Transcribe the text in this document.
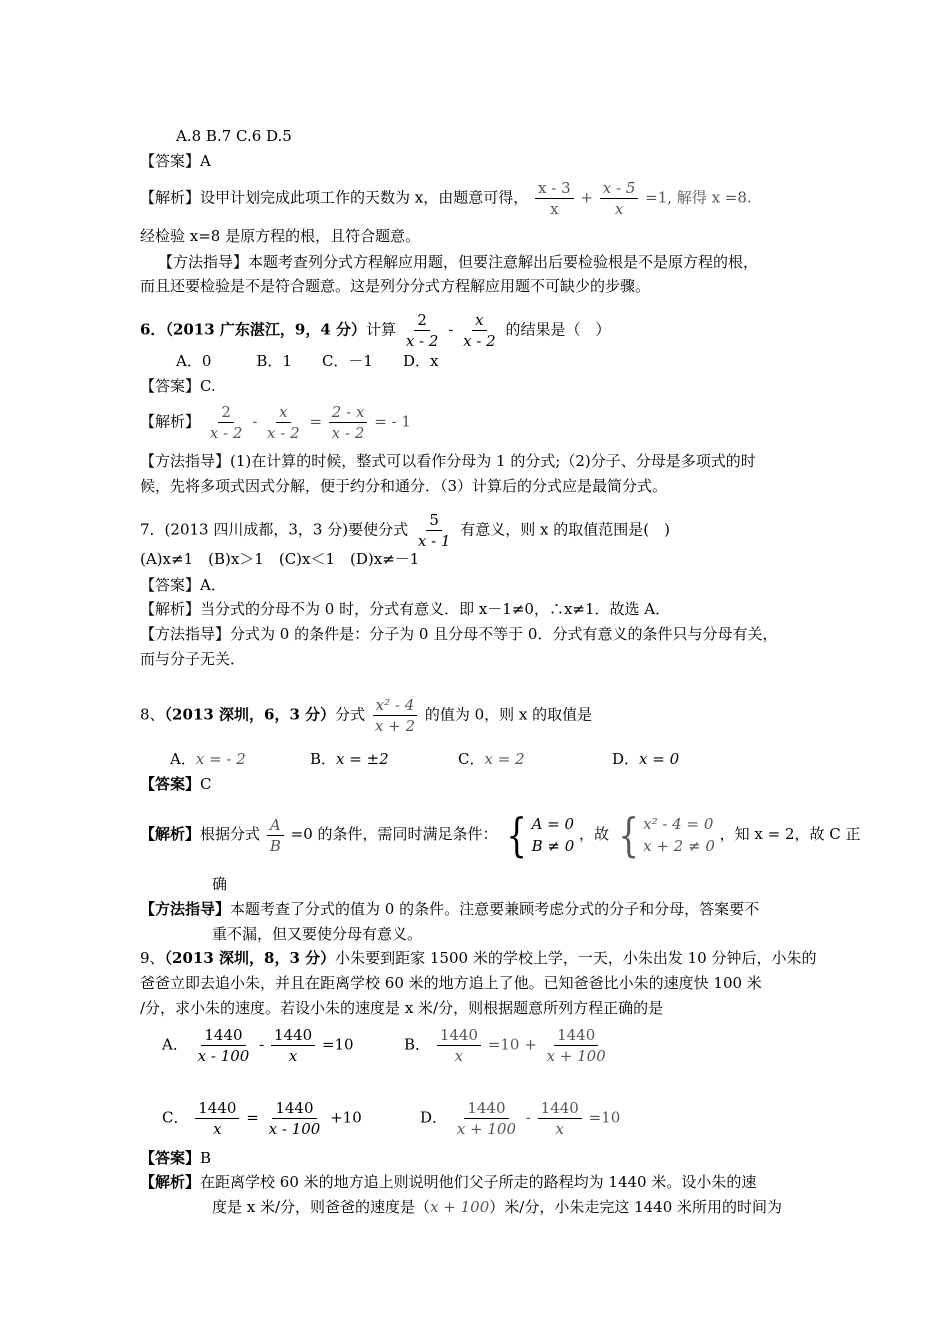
A.8 B.7 C.6 D.5
【答案】A
【解析】设甲计划完成此项工作的天数为 x，由题意可得， $\frac{x - 3}{x} + \frac{x - 5}{x} =1$, 解得 x =8.
经检验 x=8 是原方程的根，且符合题意。
【方法指导】本题考查列分式方程解应用题，但要注意解出后要检验根是不是原方程的根，
而且还要检验是不是符合题意。这是列分分式方程解应用题不可缺少的步骤。
6．（2013 广东湛江，9，4 分）计算 $\frac{2}{x - 2} - \frac{x}{x - 2}$ 的结果是（　）
A．0　　　B．1　　C．－1　　D．x
【答案】C.
【解析】 $\frac{2}{x - 2} - \frac{x}{x - 2} = \frac{2 - x}{x - 2}$ = - 1
【方法指导】(1)在计算的时候，整式可以看作分母为 1 的分式;（2)分子、分母是多项式的时
候，先将多项式因式分解，便于约分和通分．（3）计算后的分式应是最简分式。
7．(2013 四川成都，3，3 分)要使分式 $\frac{5}{x - 1}$ 有意义，则 x 的取值范围是(　)
(A)x≠1　(B)x＞1　(C)x＜1　(D)x≠－1
【答案】A．
【解析】当分式的分母不为 0 时，分式有意义．即 x－1≠0，∴x≠1．故选 A．
【方法指导】分式为 0 的条件是：分子为 0 且分母不等于 0．分式有意义的条件只与分母有关，
而与分子无关．
8、（2013 深圳，6，3 分）分式 $\frac{\text{x² - 4}}{x + 2}$ 的值为 0，则 x 的取值是
A．x = - 2	B．x = ±2	C．x = 2	D．x = 0
【答案】C
【解析】根据分式 $\frac{A}{B} =0$ 的条件，需同时满足条件： { A = 0
B ≠ 0
，故 { x² - 4 = 0
x + 2 ≠ 0
，知 x = 2，故 C 正
确
【方法指导】本题考查了分式的值为 0 的条件。注意要兼顾考虑分式的分子和分母，答案要不
重不漏，但又要使分母有意义。
9、（2013 深圳，8，3 分）小朱要到距家 1500 米的学校上学，一天，小朱出发 10 分钟后，小朱的
爸爸立即去追小朱，并且在距离学校 60 米的地方追上了他。已知爸爸比小朱的速度快 100 米
/分，求小朱的速度。若设小朱的速度是 x 米/分，则根据题意所列方程正确的是
A． $\frac{1440}{x - 100} - \frac{1440}{x} =10$	B． $\frac{1440}{x} =10 + \frac{1440}{x + 100}$
C． $\frac{1440}{x} = \frac{1440}{x - 100} +10$	D． $\frac{1440}{x + 100} - \frac{1440}{x} =10$
【答案】B
【解析】在距离学校 60 米的地方追上则说明他们父子所走的路程均为 1440 米。设小朱的速
度是 x 米/分，则爸爸的速度是（x + 100）米/分，小朱走完这 1440 米所用的时间为
